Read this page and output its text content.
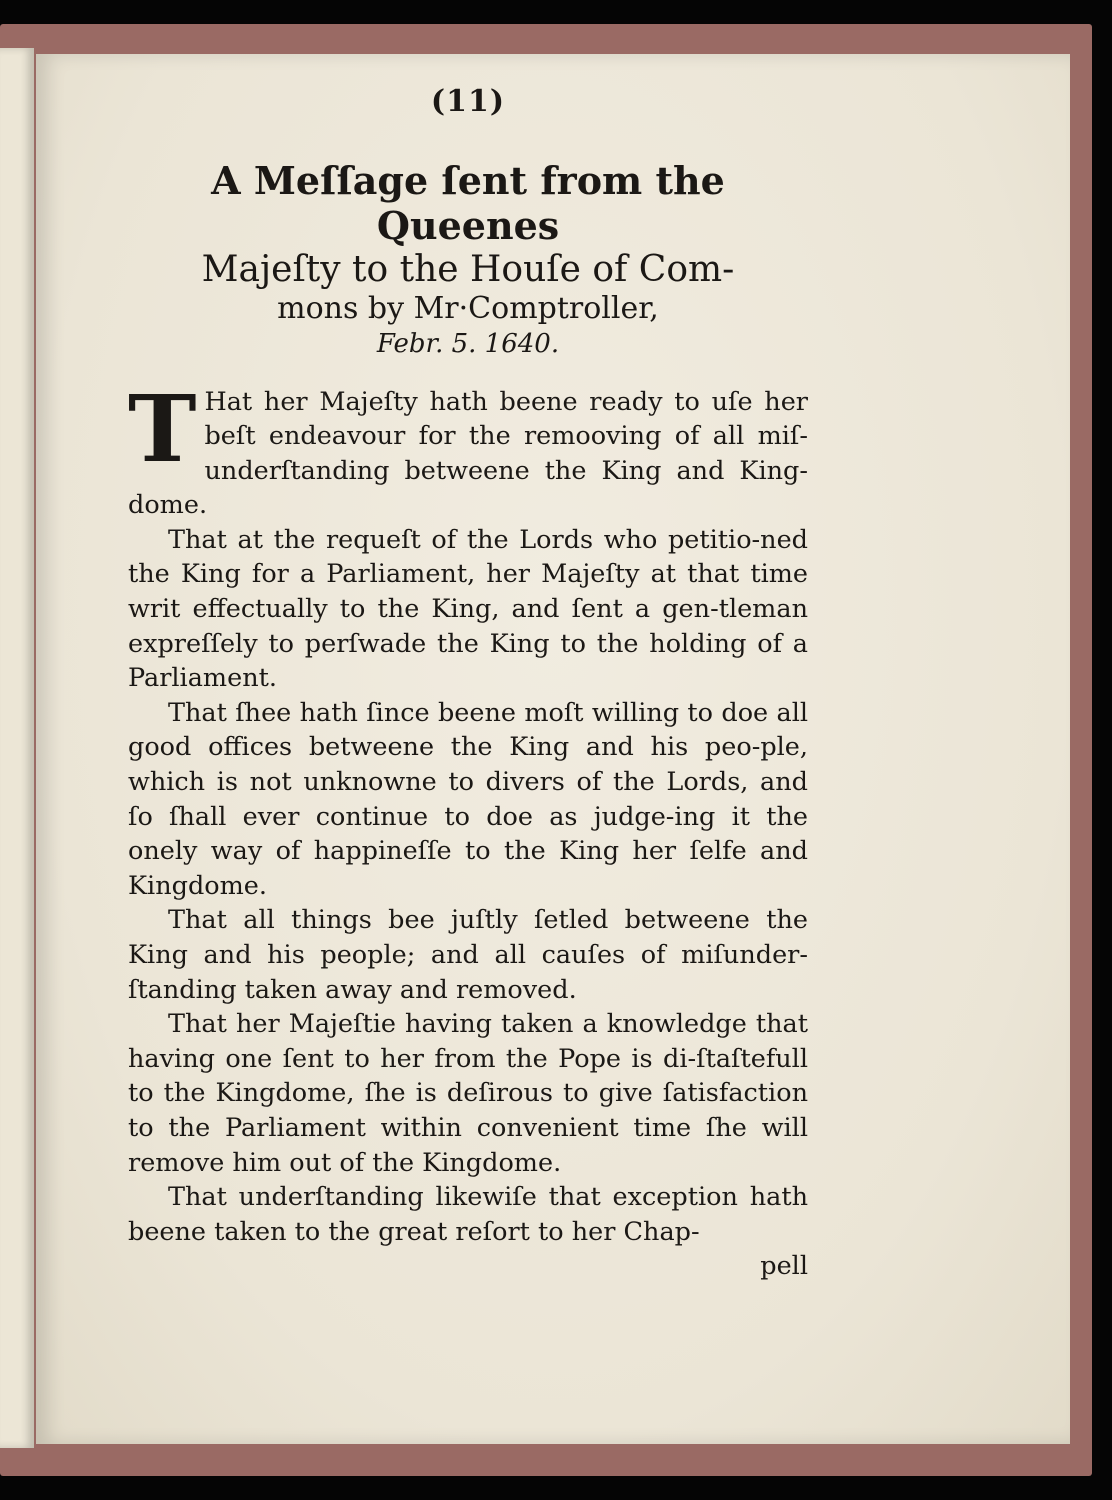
(11)
A Meſſage ſent from the Queenes
Majeſty to the Houſe of Com-
mons by Mr·Comptroller,
Febr. 5. 1640.

T Hat her Majeſty hath beene ready to uſe her beſt endeavour for the remooving of all miſ-underſtanding betweene the King and King-dome.

That at the requeſt of the Lords who petitio-ned the King for a Parliament, her Majeſty at that time writ effectually to the King, and ſent a gen-tleman expreſſely to perſwade the King to the holding of a Parliament.

That ſhee hath ſince beene moſt willing to doe all good offices betweene the King and his peo-ple, which is not unknowne to divers of the Lords, and ſo ſhall ever continue to doe as judge-ing it the onely way of happineſſe to the King her ſelfe and Kingdome.

That all things bee juſtly ſetled betweene the King and his people; and all cauſes of miſunder-ſtanding taken away and removed.

That her Majeſtie having taken a knowledge that having one ſent to her from the Pope is di-ſtaſtefull to the Kingdome, ſhe is deſirous to give ſatisfaction to the Parliament within convenient time ſhe will remove him out of the Kingdome.

That underſtanding likewiſe that exception hath beene taken to the great reſort to her Chap-

pell
